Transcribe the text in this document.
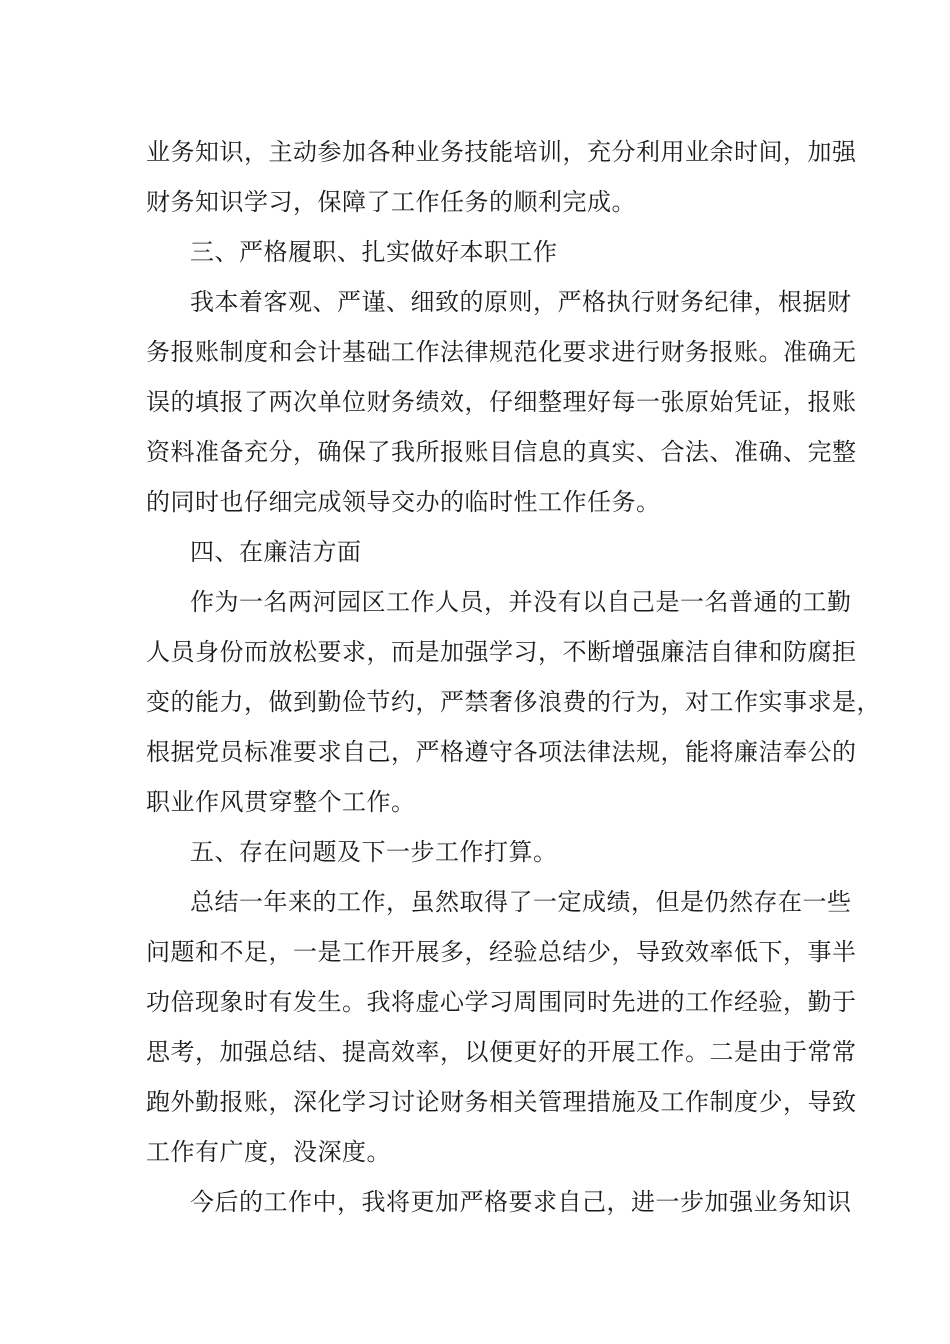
业务知识，主动参加各种业务技能培训，充分利用业余时间，加强
财务知识学习，保障了工作任务的顺利完成。
三、严格履职、扎实做好本职工作
我本着客观、严谨、细致的原则，严格执行财务纪律，根据财
务报账制度和会计基础工作法律规范化要求进行财务报账。准确无
误的填报了两次单位财务绩效，仔细整理好每一张原始凭证，报账
资料准备充分，确保了我所报账目信息的真实、合法、准确、完整
的同时也仔细完成领导交办的临时性工作任务。
四、在廉洁方面
作为一名两河园区工作人员，并没有以自己是一名普通的工勤
人员身份而放松要求，而是加强学习，不断增强廉洁自律和防腐拒
变的能力，做到勤俭节约，严禁奢侈浪费的行为，对工作实事求是，
根据党员标准要求自己，严格遵守各项法律法规，能将廉洁奉公的
职业作风贯穿整个工作。
五、存在问题及下一步工作打算。
总结一年来的工作，虽然取得了一定成绩，但是仍然存在一些
问题和不足，一是工作开展多，经验总结少，导致效率低下，事半
功倍现象时有发生。我将虚心学习周围同时先进的工作经验，勤于
思考，加强总结、提高效率，以便更好的开展工作。二是由于常常
跑外勤报账，深化学习讨论财务相关管理措施及工作制度少，导致
工作有广度，没深度。
今后的工作中，我将更加严格要求自己，进一步加强业务知识
